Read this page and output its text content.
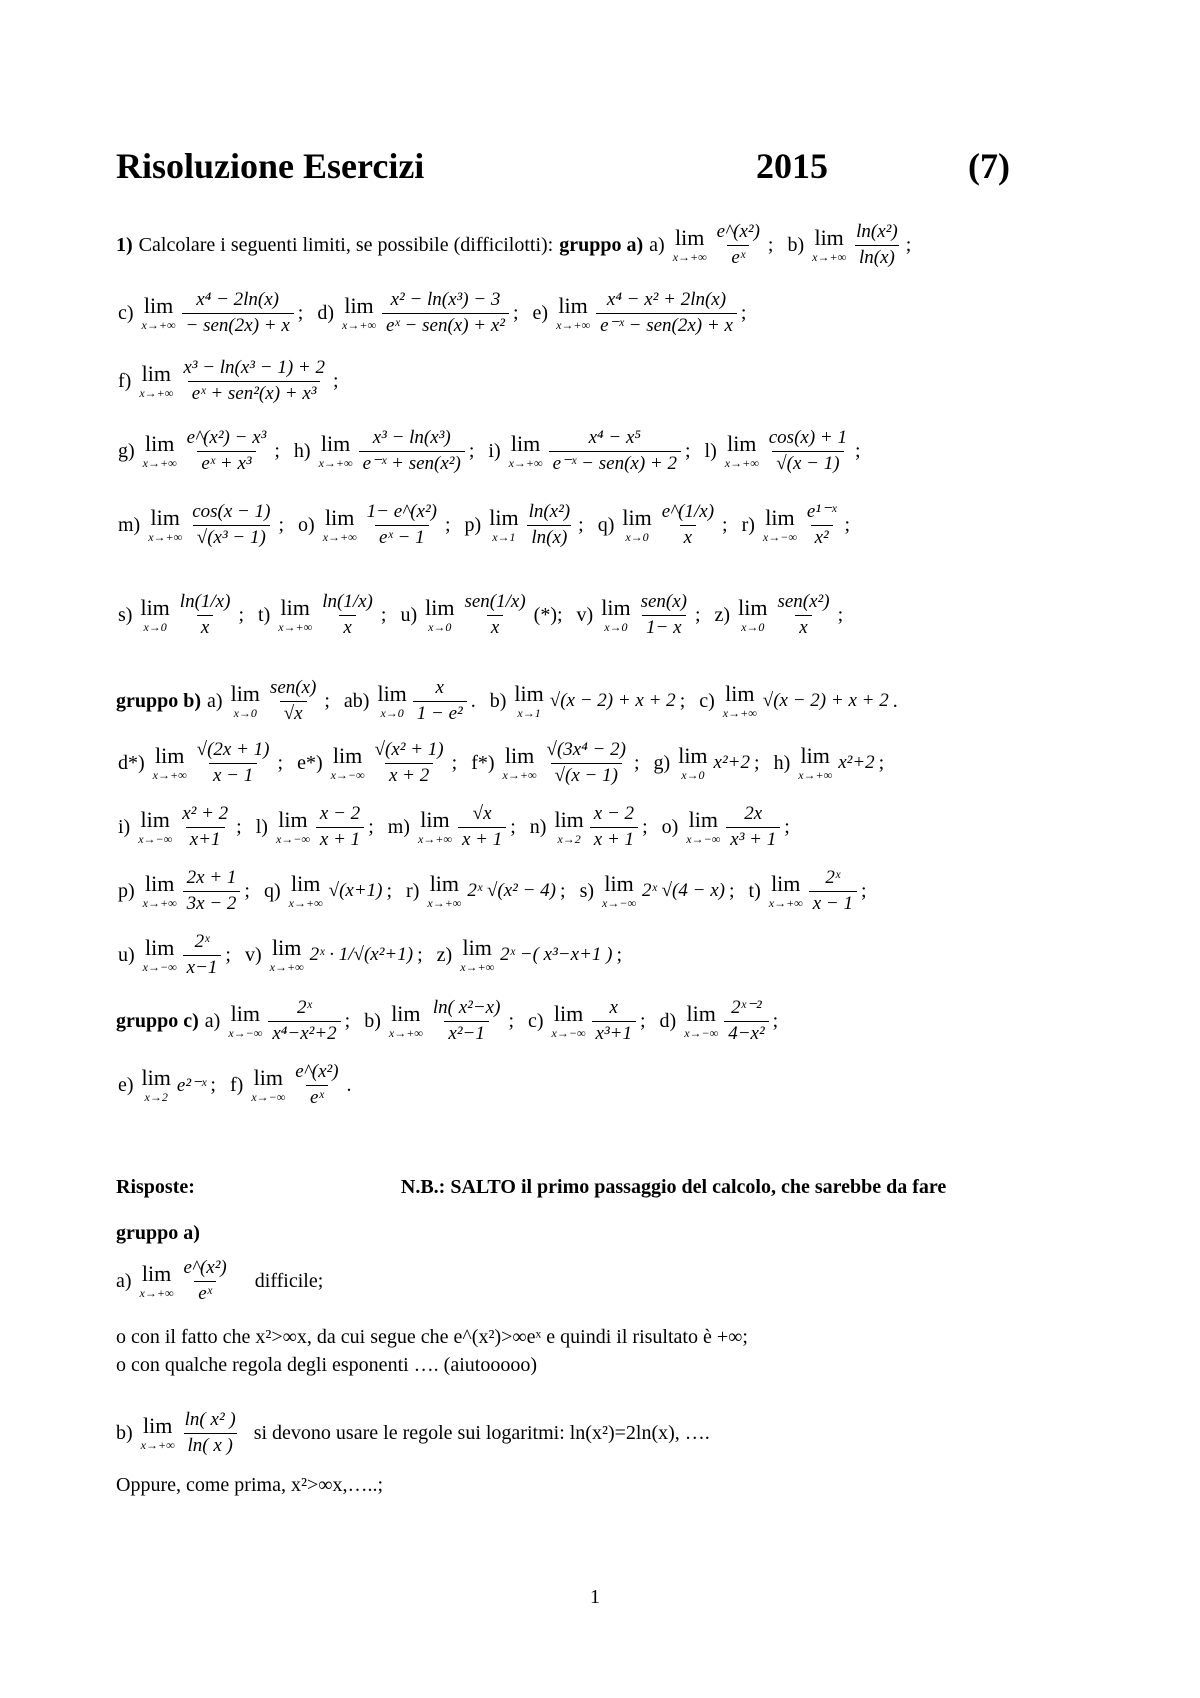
Risoluzione Esercizi	2015	(7)
1) Calcolare i seguenti limiti, se possibile (difficilotti): gruppo a) a) lim
$x\to+\infty \frac{\text{e\textasciicircum{}(x²)}}{\text{eˣ}}$ ; b) lim
$x\to+\infty \frac{\text{ln(x²)}}{\ln(x)}$ ;
c) lim
$x\to+\infty \frac{\text{x⁴ − 2ln(x)}}{\text{− sen(2x) + x}}$ ; d) lim
$x\to+\infty \frac{\text{x² − ln(x³) − 3}}{\text{eˣ − sen(x) + x²}}$ ; e) lim
$x\to+\infty \frac{\text{x⁴ − x² + 2ln(x)}}{\text{e⁻ˣ − sen(2x) + x}}$ ;
f) lim
$x\to+\infty \frac{\text{x³ − ln(x³ − 1) + 2}}{\text{eˣ + sen²(x) + x³}}$ ;
g) lim
$x\to+\infty \frac{\text{e\textasciicircum{}(x²) − x³}}{\text{eˣ + x³}}$ ; h) lim
$x\to+\infty \frac{\text{x³ − ln(x³)}}{\text{e⁻ˣ + sen(x²)}}$ ; i) lim
$x\to+\infty \frac{\text{x⁴ − x⁵}}{\text{e⁻ˣ − sen(x) + 2}}$ ; l) lim
$x\to+\infty \frac{\cos(x) + 1}{√(x - 1)}$ ;
m) lim
$x\to+\infty \frac{\cos(x - 1)}{\text{√(x³ − 1)}}$ ; o) lim
$x\to+\infty \frac{\text{1− e\textasciicircum{}(x²)}}{\text{eˣ − 1}}$ ; p) lim
$x\to 1 \frac{\text{ln(x²)}}{\ln(x)}$ ; q) lim
$x\to 0 \frac{e\^{}(1/x)}{x}$ ; r) lim
$x\to-\infty \frac{\text{e¹⁻ˣ}}{\text{x²}}$ ;
s) lim
$x\to 0 \frac{\ln(1/x)}{x}$ ; t) lim
$x\to+\infty \frac{\ln(1/x)}{x}$ ; u) lim
$x\to 0 \frac{\text{sen(1/x)}}{x}$ (*); v) lim
$x\to 0 \frac{\text{sen(x)}}{1- x}$ ; z) lim
$x\to 0 \frac{\text{sen(x²)}}{x}$ ;
gruppo b) a) lim
$x\to 0 \frac{\text{sen(x)}}{√x}$ ; ab) lim
$x\to 0 \frac{x}{\text{1 − e²}}$ . b) lim
x→1
√(x − 2) + x + 2 ; c) lim
x→+∞
√(x − 2) + x + 2 .
d*) lim
$x\to+\infty \frac{√(2x + 1)}{x - 1}$ ; e*) lim
$x\to-\infty \frac{\text{√(x² + 1)}}{x + 2}$ ; f*) lim
$x\to+\infty \frac{\text{√(3x⁴ − 2)}}{√(x - 1)}$ ; g) lim
x→0
x²+2 ; h) lim
x→+∞
x²+2 ;
i) lim
$x\to-\infty \frac{\text{x² + 2}}{x+1}$ ; l) lim
$x\to-\infty \frac{x - 2}{x + 1}$ ; m) lim
$x\to+\infty \frac{√x}{x + 1}$ ; n) lim
$x\to 2 \frac{x - 2}{x + 1}$ ; o) lim
$x\to-\infty \frac{2x}{\text{x³ + 1}}$ ;
p) lim
$x\to+\infty \frac{2x + 1}{3x - 2}$ ; q) lim
x→+∞
√(x+1) ; r) lim
x→+∞
2ˣ √(x² − 4) ; s) lim
x→−∞
2ˣ √(4 − x) ; t) lim
$x\to+\infty \frac{\text{2ˣ}}{x - 1}$ ;
u) lim
$x\to-\infty \frac{\text{2ˣ}}{x-1}$ ; v) lim
x→+∞
2ˣ · 1/√(x²+1) ; z) lim
x→+∞
2ˣ −( x³−x+1 ) ;
gruppo c) a) lim
$x\to-\infty \frac{\text{2ˣ}}{\text{x⁴−x²+2}}$ ; b) lim
$x\to+\infty \frac{\text{ln( x²−x)}}{\text{x²−1}}$ ; c) lim
$x\to-\infty \frac{x}{\text{x³+1}}$ ; d) lim
$x\to-\infty \frac{\text{2ˣ⁻²}}{\text{4−x²}}$ ;
e) lim
x→2
e²⁻ˣ ; f) lim
$x\to-\infty \frac{\text{e\textasciicircum{}(x²)}}{\text{eˣ}}$ .
Risposte:	N.B.: SALTO il primo passaggio del calcolo, che sarebbe da fare
gruppo a)
a) lim
$x\to+\infty \frac{\text{e\textasciicircum{}(x²)}}{\text{eˣ}}$ difficile;
o con il fatto che x²>∞x, da cui segue che e^(x²)>∞eˣ e quindi il risultato è +∞;
o con qualche regola degli esponenti …. (aiutooooo)
b) lim
$x\to+\infty \frac{\text{ln( x² )}}{\ln( x )}$ si devono usare le regole sui logaritmi: ln(x²)=2ln(x), ….
Oppure, come prima, x²>∞x,…..;
1
